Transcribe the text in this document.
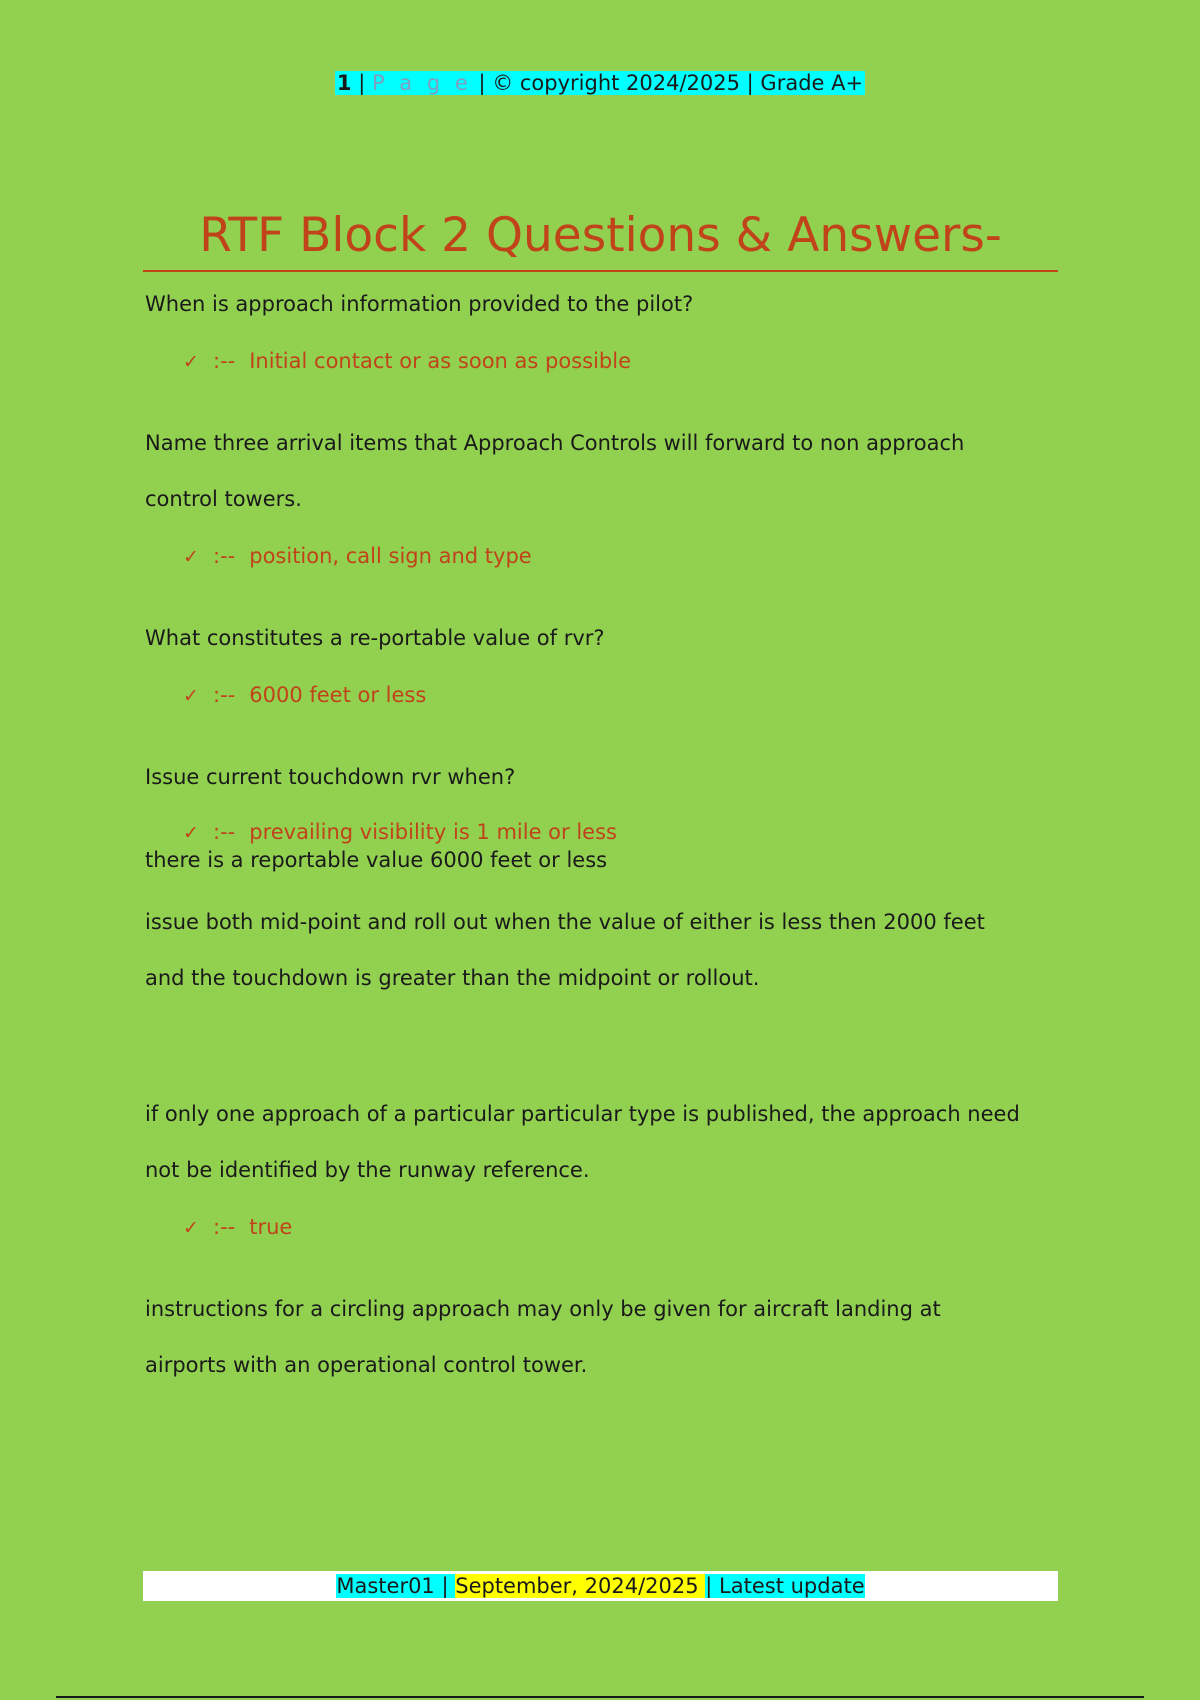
1 | P a g e | © copyright 2024/2025 | Grade A+
RTF Block 2 Questions & Answers-

When is approach information provided to the pilot?

✓ :-- Initial contact or as soon as possible

Name three arrival items that Approach Controls will forward to non approach
control towers.

✓ :-- position, call sign and type

What constitutes a re-portable value of rvr?

✓ :-- 6000 feet or less

Issue current touchdown rvr when?

✓ :-- prevailing visibility is 1 mile or less

there is a reportable value 6000 feet or less

issue both mid-point and roll out when the value of either is less then 2000 feet
and the touchdown is greater than the midpoint or rollout.

if only one approach of a particular particular type is published, the approach need
not be identified by the runway reference.

✓ :-- true

instructions for a circling approach may only be given for aircraft landing at
airports with an operational control tower.

Master01 | September, 2024/2025 | Latest update
